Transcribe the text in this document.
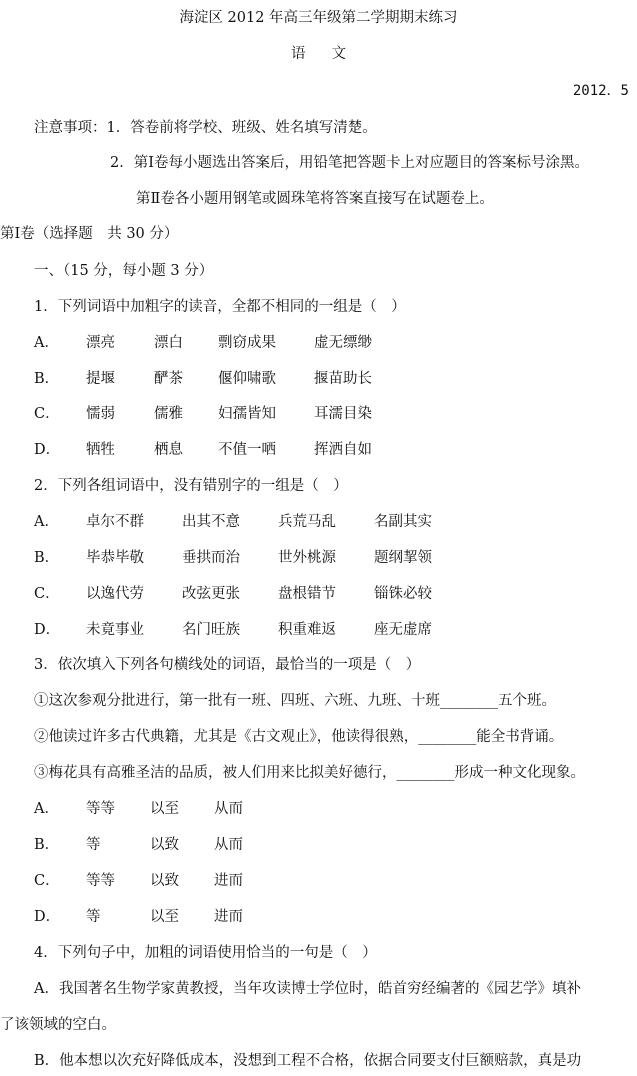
海淀区 2012 年高三年级第二学期期末练习
语文
2012．5
注意事项：1．答卷前将学校、班级、姓名填写清楚。
2．第Ⅰ卷每小题选出答案后，用铅笔把答题卡上对应题目的答案标号涂黑。
第Ⅱ卷各小题用钢笔或圆珠笔将答案直接写在试题卷上。
第Ⅰ卷（选择题　共 30 分）
一、（15 分，每小题 3 分）
1．下列词语中加粗字的读音，全都不相同的一组是（　）
A．	漂亮	漂白	剽窃成果	虚无缥缈
B．	提堰	酽茶	偃仰啸歌	揠苗助长
C．	懦弱	儒雅	妇孺皆知	耳濡目染
D．	牺牲	栖息	不值一哂	挥洒自如
2．下列各组词语中，没有错别字的一组是（　）
A．	卓尔不群	出其不意	兵荒马乱	名副其实
B．	毕恭毕敬	垂拱而治	世外桃源	题纲挈领
C．	以逸代劳	改弦更张	盘根错节	锱铢必较
D．	未竟事业	名门旺族	积重难返	座无虚席
3．依次填入下列各句横线处的词语，最恰当的一项是（　）
①这次参观分批进行，第一批有一班、四班、六班、九班、十班________五个班。
②他读过许多古代典籍，尤其是《古文观止》，他读得很熟，________能全书背诵。
③梅花具有高雅圣洁的品质，被人们用来比拟美好德行，________形成一种文化现象。
A．	等等	以至	从而
B．	等	以致	从而
C．	等等	以致	进而
D．	等	以至	进而
4．下列句子中，加粗的词语使用恰当的一句是（　）
A．我国著名生物学家黄教授，当年攻读博士学位时，皓首穷经编著的《园艺学》填补
了该领域的空白。
B．他本想以次充好降低成本，没想到工程不合格，依据合同要支付巨额赔款，真是功
